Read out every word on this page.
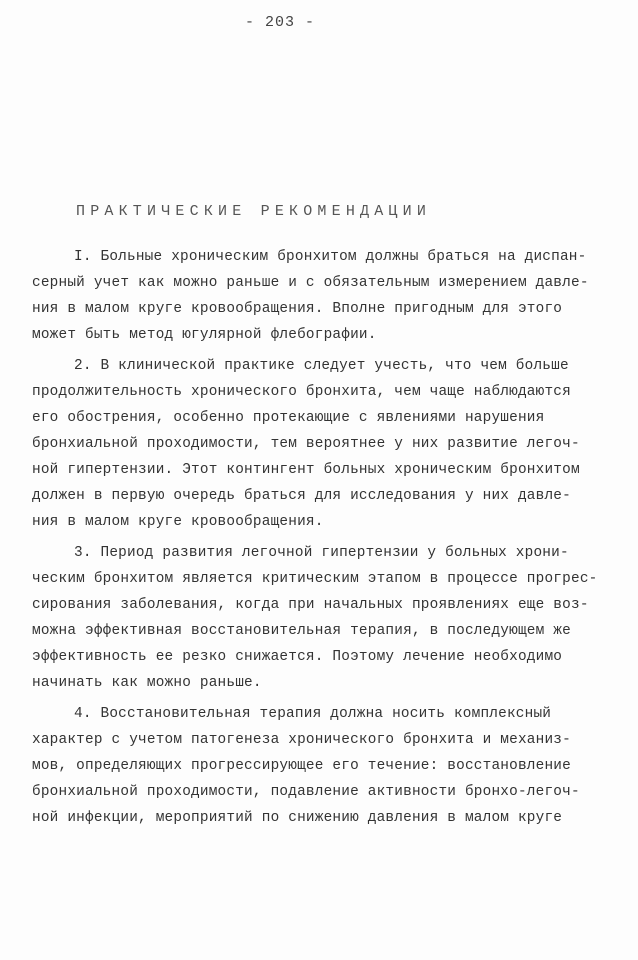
- 203 -
ПРАКТИЧЕСКИЕ РЕКОМЕНДАЦИИ
I. Больные хроническим бронхитом должны браться на диспан-
серный учет как можно раньше и с обязательным измерением давле-
ния в малом круге кровообращения. Вполне пригодным для этого
может быть метод югулярной флебографии.
2. В клинической практике следует учесть, что чем больше
продолжительность хронического бронхита, чем чаще наблюдаются
его обострения, особенно протекающие с явлениями нарушения
бронхиальной проходимости, тем вероятнее у них развитие легоч-
ной гипертензии. Этот контингент больных хроническим бронхитом
должен в первую очередь браться для исследования у них давле-
ния в малом круге кровообращения.
3. Период развития легочной гипертензии у больных хрони-
ческим бронхитом является критическим этапом в процессе прогрес-
сирования заболевания, когда при начальных проявлениях еще воз-
можна эффективная восстановительная терапия, в последующем же
эффективность ее резко снижается. Поэтому лечение необходимо
начинать как можно раньше.
4. Восстановительная терапия должна носить комплексный
характер с учетом патогенеза хронического бронхита и механиз-
мов, определяющих прогрессирующее его течение: восстановление
бронхиальной проходимости, подавление активности бронхо-легоч-
ной инфекции, мероприятий по снижению давления в малом круге
